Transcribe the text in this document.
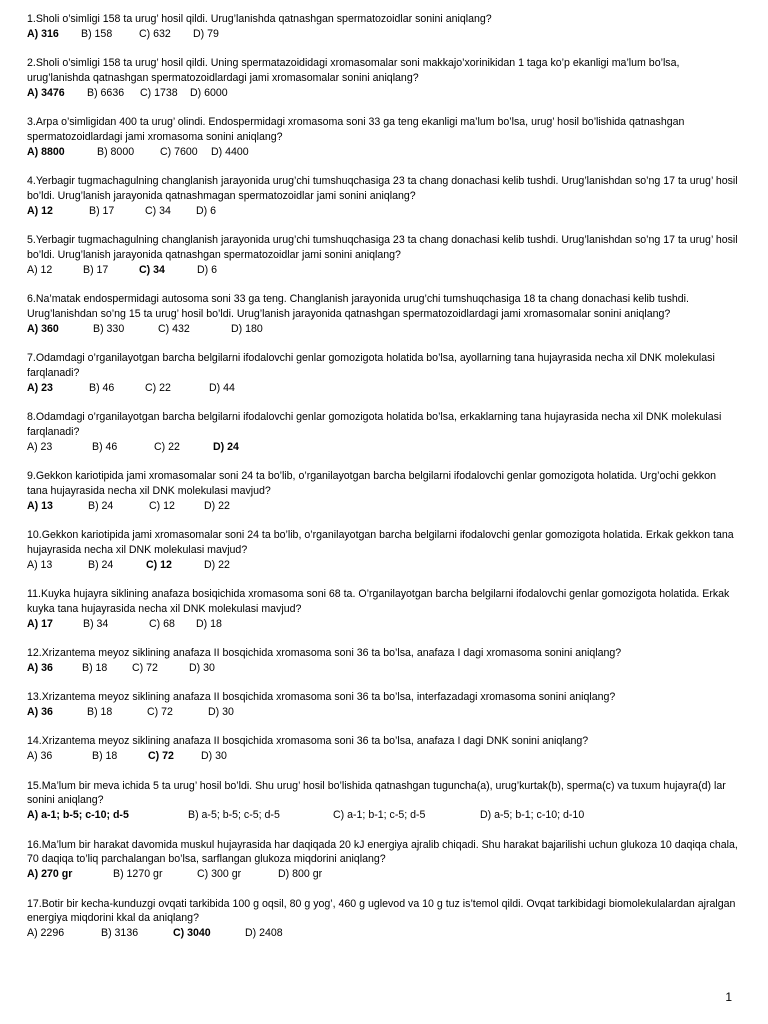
1.Sholi o’simligi 158 ta urug’ hosil qildi. Urug’lanishda qatnashgan spermatozoidlar sonini aniqlang?
A) 316	B) 158	C) 632	D) 79
2.Sholi o’simligi 158 ta urug’ hosil qildi. Uning spermatazoididagi xromasomalar soni makkajo’xorinikidan 1 taga ko’p ekanligi ma’lum bo’lsa, urug’lanishda qatnashgan spermatozoidlardagi jami xromasomalar sonini aniqlang?
A) 3476	B) 6636	C) 1738	D) 6000
3.Arpa o’simligidan 400 ta urug’ olindi. Endospermidagi xromasoma soni 33 ga teng ekanligi ma’lum bo’lsa, urug’ hosil bo’lishida qatnashgan spermatozoidlardagi jami xromasoma sonini aniqlang?
A) 8800	B) 8000	C) 7600	D) 4400
4.Yerbagir tugmachagulning changlanish jarayonida urug’chi tumshuqchasiga 23 ta chang donachasi kelib tushdi. Urug’lanishdan so’ng 17 ta urug’ hosil bo’ldi. Urug’lanish jarayonida qatnashmagan spermatozoidlar jami sonini aniqlang?
A) 12	B) 17	C) 34	D) 6
5.Yerbagir tugmachagulning changlanish jarayonida urug’chi tumshuqchasiga 23 ta chang donachasi kelib tushdi. Urug’lanishdan so’ng 17 ta urug’ hosil bo’ldi. Urug’lanish jarayonida qatnashgan spermatozoidlar jami sonini aniqlang?
A) 12	B) 17	C) 34	D) 6
6.Na’matak endospermidagi autosoma soni 33 ga teng. Changlanish jarayonida urug’chi tumshuqchasiga 18 ta chang donachasi kelib tushdi. Urug’lanishdan so’ng 15 ta urug’ hosil bo’ldi. Urug’lanish jarayonida qatnashgan spermatozoidlardagi jami xromasomalar sonini aniqlang?
A) 360	B) 330	C) 432	D) 180
7.Odamdagi o’rganilayotgan barcha belgilarni ifodalovchi genlar gomozigota holatida bo’lsa, ayollarning tana hujayrasida necha xil DNK molekulasi farqlanadi?
A) 23	B) 46	C) 22	D) 44
8.Odamdagi o’rganilayotgan barcha belgilarni ifodalovchi genlar gomozigota holatida bo’lsa, erkaklarning tana hujayrasida necha xil DNK molekulasi farqlanadi?
A) 23	B) 46	C) 22	D) 24
9.Gekkon kariotipida jami xromasomalar soni 24 ta bo’lib, o’rganilayotgan barcha belgilarni ifodalovchi genlar gomozigota holatida. Urg’ochi gekkon tana hujayrasida necha xil DNK molekulasi mavjud?
A) 13	B) 24	C) 12	D) 22
10.Gekkon kariotipida jami xromasomalar soni 24 ta bo’lib, o’rganilayotgan barcha belgilarni ifodalovchi genlar gomozigota holatida. Erkak gekkon tana hujayrasida necha xil DNK molekulasi mavjud?
A) 13	B) 24	C) 12	D) 22
11.Kuyka hujayra siklining anafaza bosiqichida xromasoma soni 68 ta. O’rganilayotgan barcha belgilarni ifodalovchi genlar gomozigota holatida. Erkak kuyka tana hujayrasida necha xil DNK molekulasi mavjud?
A) 17	B) 34	C) 68	D) 18
12.Xrizantema meyoz siklining anafaza II bosqichida xromasoma soni 36 ta bo’lsa, anafaza I dagi xromasoma sonini aniqlang?
A) 36	B) 18	C) 72	D) 30
13.Xrizantema meyoz siklining anafaza II bosqichida xromasoma soni 36 ta bo’lsa, interfazadagi xromasoma sonini aniqlang?
A) 36	B) 18	C) 72	D) 30
14.Xrizantema meyoz siklining anafaza II bosqichida xromasoma soni 36 ta bo’lsa, anafaza I dagi DNK sonini aniqlang?
A) 36	B) 18	C) 72	D) 30
15.Ma’lum bir meva ichida 5 ta urug’ hosil bo’ldi. Shu urug’ hosil bo’lishida qatnashgan tuguncha(a), urug’kurtak(b), sperma(c) va tuxum hujayra(d) lar sonini aniqlang?
A) a-1; b-5; c-10; d-5	B) a-5; b-5; c-5; d-5	C) a-1; b-1; c-5; d-5	D) a-5; b-1; c-10; d-10
16.Ma’lum bir harakat davomida muskul hujayrasida har daqiqada 20 kJ energiya ajralib chiqadi. Shu harakat bajarilishi uchun glukoza 10 daqiqa chala, 70 daqiqa to’liq parchalangan bo’lsa, sarflangan glukoza miqdorini aniqlang?
A) 270 gr	B) 1270 gr	C) 300 gr	D) 800 gr
17.Botir bir kecha-kunduzgi ovqati tarkibida 100 g oqsil, 80 g yog’, 460 g uglevod va 10 g tuz is’temol qildi. Ovqat tarkibidagi biomolekulalardan ajralgan energiya miqdorini kkal da aniqlang?
A) 2296	B) 3136	C) 3040	D) 2408
1
